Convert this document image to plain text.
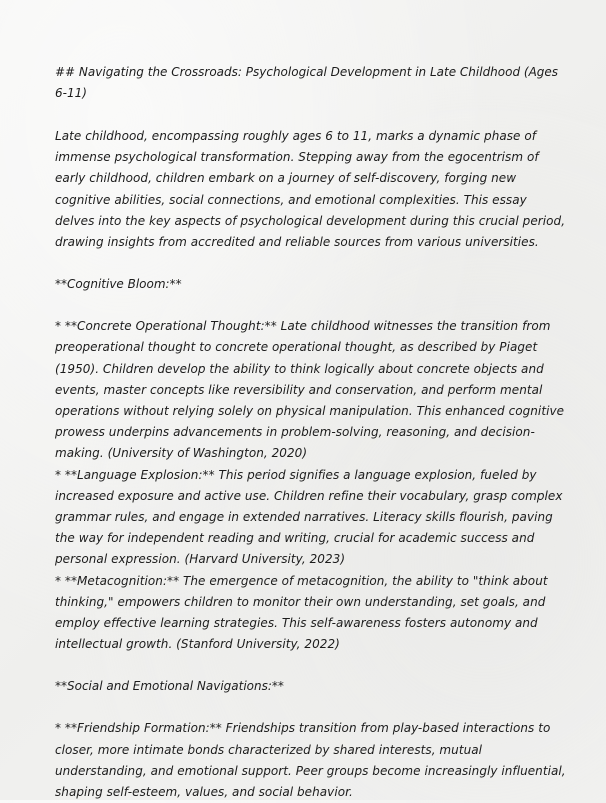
## Navigating the Crossroads: Psychological Development in Late Childhood (Ages 6-11)

Late childhood, encompassing roughly ages 6 to 11, marks a dynamic phase of immense psychological transformation. Stepping away from the egocentrism of early childhood, children embark on a journey of self-discovery, forging new cognitive abilities, social connections, and emotional complexities. This essay delves into the key aspects of psychological development during this crucial period, drawing insights from accredited and reliable sources from various universities.

**Cognitive Bloom:**

* **Concrete Operational Thought:** Late childhood witnesses the transition from preoperational thought to concrete operational thought, as described by Piaget (1950). Children develop the ability to think logically about concrete objects and events, master concepts like reversibility and conservation, and perform mental operations without relying solely on physical manipulation. This enhanced cognitive prowess underpins advancements in problem-solving, reasoning, and decision-making. (University of Washington, 2020)

* **Language Explosion:** This period signifies a language explosion, fueled by increased exposure and active use. Children refine their vocabulary, grasp complex grammar rules, and engage in extended narratives. Literacy skills flourish, paving the way for independent reading and writing, crucial for academic success and personal expression. (Harvard University, 2023)

* **Metacognition:** The emergence of metacognition, the ability to "think about thinking," empowers children to monitor their own understanding, set goals, and employ effective learning strategies. This self-awareness fosters autonomy and intellectual growth. (Stanford University, 2022)

**Social and Emotional Navigations:**

* **Friendship Formation:** Friendships transition from play-based interactions to closer, more intimate bonds characterized by shared interests, mutual understanding, and emotional support. Peer groups become increasingly influential, shaping self-esteem, values, and social behavior.
